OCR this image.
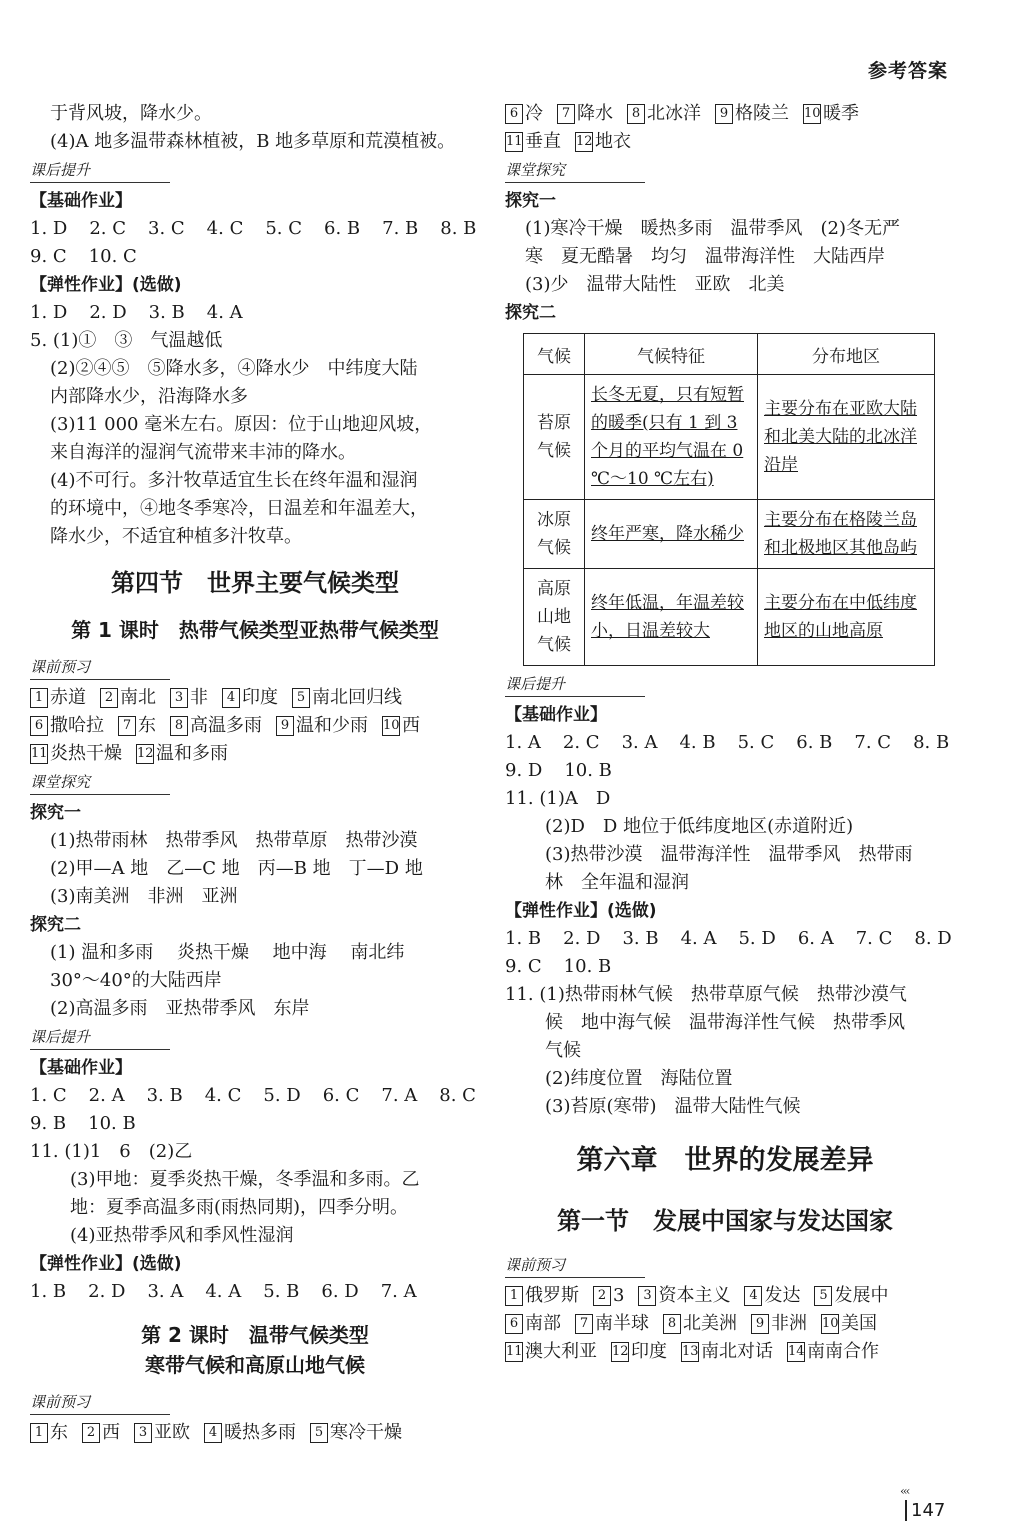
参考答案
于背风坡，降水少。
(4)A 地多温带森林植被，B 地多草原和荒漠植被。
课后提升
【基础作业】
1. D 2. C 3. C 4. C 5. C 6. B 7. B 8. B
9. C 10. C
【弹性作业】(选做)
1. D 2. D 3. B 4. A
5. (1)①　③　气温越低
(2)②④⑤　⑤降水多，④降水少　中纬度大陆
内部降水少，沿海降水多
(3)11 000 毫米左右。原因：位于山地迎风坡，
来自海洋的湿润气流带来丰沛的降水。
(4)不可行。多汁牧草适宜生长在终年温和湿润
的环境中，④地冬季寒冷，日温差和年温差大，
降水少，不适宜种植多汁牧草。
第四节　世界主要气候类型
第 1 课时　热带气候类型亚热带气候类型
课前预习
1 赤道 2 南北 3 非 4 印度 5 南北回归线
6 撒哈拉 7 东 8 高温多雨 9 温和少雨 10 西
11 炎热干燥 12 温和多雨
课堂探究
探究一
(1)热带雨林　热带季风　热带草原　热带沙漠
(2)甲—A 地　乙—C 地　丙—B 地　丁—D 地
(3)南美洲　非洲　亚洲
探究二
(1) 温和多雨　 炎热干燥　 地中海　 南北纬
30°～40°的大陆西岸
(2)高温多雨　亚热带季风　东岸
课后提升
【基础作业】
1. C 2. A 3. B 4. C 5. D 6. C 7. A 8. C
9. B 10. B
11. (1)1　6　(2)乙
(3)甲地：夏季炎热干燥，冬季温和多雨。乙
地：夏季高温多雨(雨热同期)，四季分明。
(4)亚热带季风和季风性湿润
【弹性作业】(选做)
1. B 2. D 3. A 4. A 5. B 6. D 7. A
第 2 课时　温带气候类型
寒带气候和高原山地气候
课前预习
1 东 2 西 3 亚欧 4 暖热多雨 5 寒冷干燥
6 冷 7 降水 8 北冰洋 9 格陵兰 10 暖季
11 垂直 12 地衣
课堂探究
探究一
(1)寒冷干燥　暖热多雨　温带季风　(2)冬无严
寒　夏无酷暑　均匀　温带海洋性　大陆西岸
(3)少　温带大陆性　亚欧　北美
探究二
气候	气候特征	分布地区
苔原气候	长冬无夏，只有短暂的暖季(只有 1 到 3 个月的平均气温在 0 ℃～10 ℃左右)	主要分布在亚欧大陆和北美大陆的北冰洋沿岸
冰原气候	终年严寒，降水稀少	主要分布在格陵兰岛和北极地区其他岛屿
高原山地气候	终年低温，年温差较小，日温差较大	主要分布在中低纬度地区的山地高原
课后提升
【基础作业】
1. A 2. C 3. A 4. B 5. C 6. B 7. C 8. B
9. D 10. B
11. (1)A　D
(2)D　D 地位于低纬度地区(赤道附近)
(3)热带沙漠　温带海洋性　温带季风　热带雨
林　全年温和湿润
【弹性作业】(选做)
1. B 2. D 3. B 4. A 5. D 6. A 7. C 8. D
9. C 10. B
11. (1)热带雨林气候　热带草原气候　热带沙漠气
候　地中海气候　温带海洋性气候　热带季风
气候
(2)纬度位置　海陆位置
(3)苔原(寒带)　温带大陆性气候
第六章　世界的发展差异
第一节　发展中国家与发达国家
课前预习
1 俄罗斯 2 3 3 资本主义 4 发达 5 发展中
6 南部 7 南半球 8 北美洲 9 非洲 10 美国
11 澳大利亚 12 印度 13 南北对话 14 南南合作
‹‹‹
147
